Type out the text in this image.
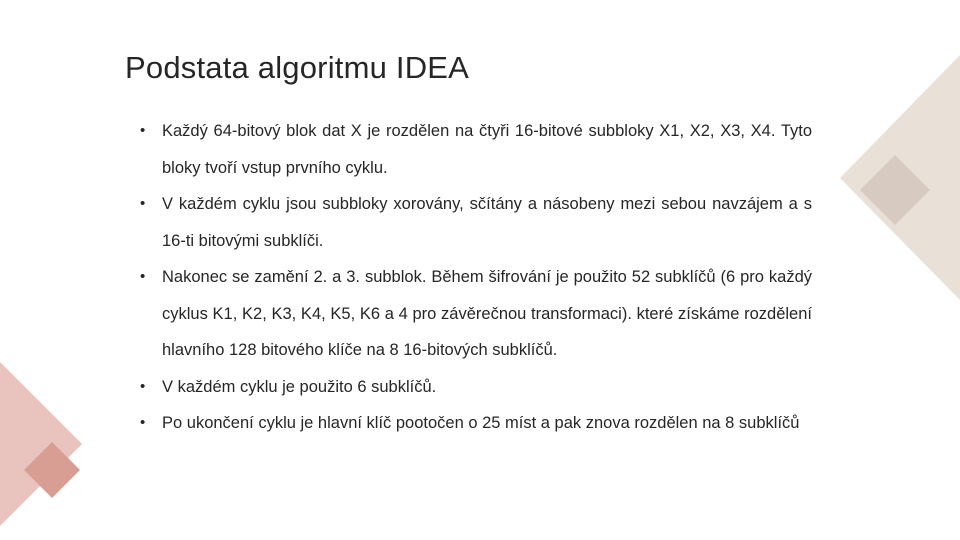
Podstata algoritmu IDEA
• Každý 64-bitový blok dat X je rozdělen na čtyři 16-bitové subbloky X1, X2, X3, X4. Tyto bloky tvoří vstup prvního cyklu.
• V každém cyklu jsou subbloky xorovány, sčítány a násobeny mezi sebou navzájem a s 16-ti bitovými subklíči.
• Nakonec se zamění 2. a 3. subblok. Během šifrování je použito 52 subklíčů (6 pro každý cyklus K1, K2, K3, K4, K5, K6 a 4 pro závěrečnou transformaci). které získáme rozdělení hlavního 128 bitového klíče na 8 16-bitových subklíčů.
• V každém cyklu je použito 6 subklíčů.
• Po ukončení cyklu je hlavní klíč pootočen o 25 míst a pak znova rozdělen na 8 subklíčů
